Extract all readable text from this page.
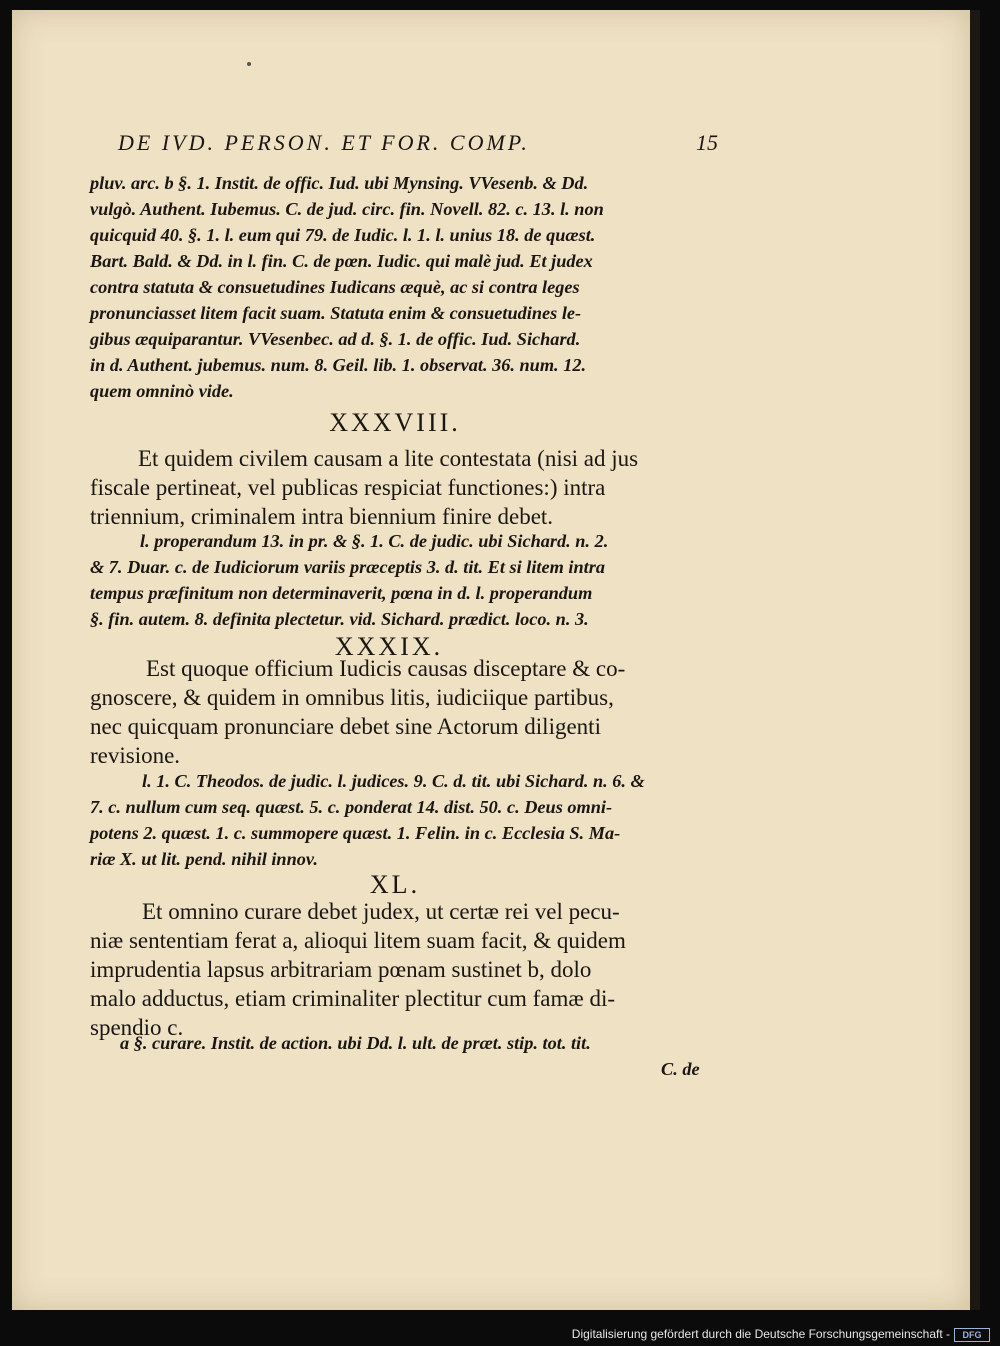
DE IVD. PERSON. ET FOR. COMP.	15
pluv. arc. b §. 1. Instit. de offic. Iud. ubi Mynsing. VVesenb. & Dd.
vulgò. Authent. Iubemus. C. de jud. circ. fin. Novell. 82. c. 13. l. non
quicquid 40. §. 1. l. eum qui 79. de Iudic. l. 1. l. unius 18. de quæst.
Bart. Bald. & Dd. in l. fin. C. de pœn. Iudic. qui malè jud. Et judex
contra statuta & consuetudines Iudicans æquè, ac si contra leges
pronunciasset litem facit suam. Statuta enim & consuetudines le-
gibus æquiparantur. VVesenbec. ad d. §. 1. de offic. Iud. Sichard.
in d. Authent. jubemus. num. 8. Geil. lib. 1. observat. 36. num. 12.
quem omninò vide.
XXXVIII.
Et quidem civilem causam a lite contestata (nisi ad jus
fiscale pertineat, vel publicas respiciat functiones:) intra
triennium, criminalem intra biennium finire debet.
l. properandum 13. in pr. & §. 1. C. de judic. ubi Sichard. n. 2.
& 7. Duar. c. de Iudiciorum variis præceptis 3. d. tit. Et si litem intra
tempus præfinitum non determinaverit, pœna in d. l. properandum
§. fin. autem. 8. definita plectetur. vid. Sichard. prædict. loco. n. 3.
XXXIX.
Est quoque officium Iudicis causas disceptare & co-
gnoscere, & quidem in omnibus litis, iudiciique partibus,
nec quicquam pronunciare debet sine Actorum diligenti
revisione.
l. 1. C. Theodos. de judic. l. judices. 9. C. d. tit. ubi Sichard. n. 6. &
7. c. nullum cum seq. quæst. 5. c. ponderat 14. dist. 50. c. Deus omni-
potens 2. quæst. 1. c. summopere quæst. 1. Felin. in c. Ecclesia S. Ma-
riæ X. ut lit. pend. nihil innov.
XL.
Et omnino curare debet judex, ut certæ rei vel pecu-
niæ sententiam ferat a, alioqui litem suam facit, & quidem
imprudentia lapsus arbitrariam pœnam sustinet b, dolo
malo adductus, etiam criminaliter plectitur cum famæ di-
spendio c.
a §. curare. Instit. de action. ubi Dd. l. ult. de præt. stip. tot. tit.
C. de
Digitalisierung gefördert durch die Deutsche Forschungsgemeinschaft -	DFG
